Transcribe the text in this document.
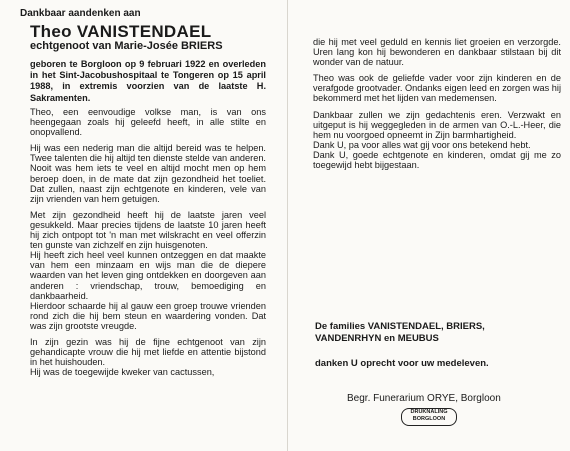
Dankbaar aandenken aan
Theo VANISTENDAEL
echtgenoot van Marie-Josée BRIERS
geboren te Borgloon op 9 februari 1922 en overleden in het Sint-Jacobushospitaal te Tongeren op 15 april 1988, in extremis voorzien van de laatste H. Sakramenten.

Theo, een eenvoudige volkse man, is van ons heengegaan zoals hij geleefd heeft, in alle stilte en onopvallend.

Hij was een nederig man die altijd bereid was te helpen. Twee talenten die hij altijd ten dienste stelde van anderen. Nooit was hem iets te veel en altijd mocht men op hem beroep doen, in de mate dat zijn gezondheid het toeliet. Dat zullen, naast zijn echtgenote en kinderen, vele van zijn vrienden van hem getuigen.

Met zijn gezondheid heeft hij de laatste jaren veel gesukkeld. Maar precies tijdens de laatste 10 jaren heeft hij zich ontpopt tot 'n man met wilskracht en veel offerzin ten gunste van zichzelf en zijn huisgenoten.

Hij heeft zich heel veel kunnen ontzeggen en dat maakte van hem een minzaam en wijs man die de diepere waarden van het leven ging ontdekken en doorgeven aan anderen : vriendschap, trouw, bemoediging en dankbaarheid.

Hierdoor schaarde hij al gauw een groep trouwe vrienden rond zich die hij bem steun en waardering vonden. Dat was zijn grootste vreugde.

In zijn gezin was hij de fijne echtgenoot van zijn gehandicapte vrouw die hij met liefde en attentie bijstond in het huishouden.

Hij was de toegewijde kweker van cactussen,

die hij met veel geduld en kennis liet groeien en verzorgde. Uren lang kon hij bewonderen en dankbaar stilstaan bij dit wonder van de natuur.

Theo was ook de geliefde vader voor zijn kinderen en de verafgode grootvader. Ondanks eigen leed en zorgen was hij bekommerd met het lijden van medemensen.

Dankbaar zullen we zijn gedachtenis eren. Verzwakt en uitgeput is hij weggegleden in de armen van O.-L.-Heer, die hem nu voorgoed opneemt in Zijn barmhartigheid.

Dank U, pa voor alles wat gij voor ons betekend hebt.

Dank U, goede echtgenote en kinderen, omdat gij me zo toegewijd hebt bijgestaan.

De families VANISTENDAEL, BRIERS,
VANDENRHYN en MEUBUS
danken U oprecht voor uw medeleven.
Begr. Funerarium ORYE, Borgloon
DRUKNALING
BORGLOON
